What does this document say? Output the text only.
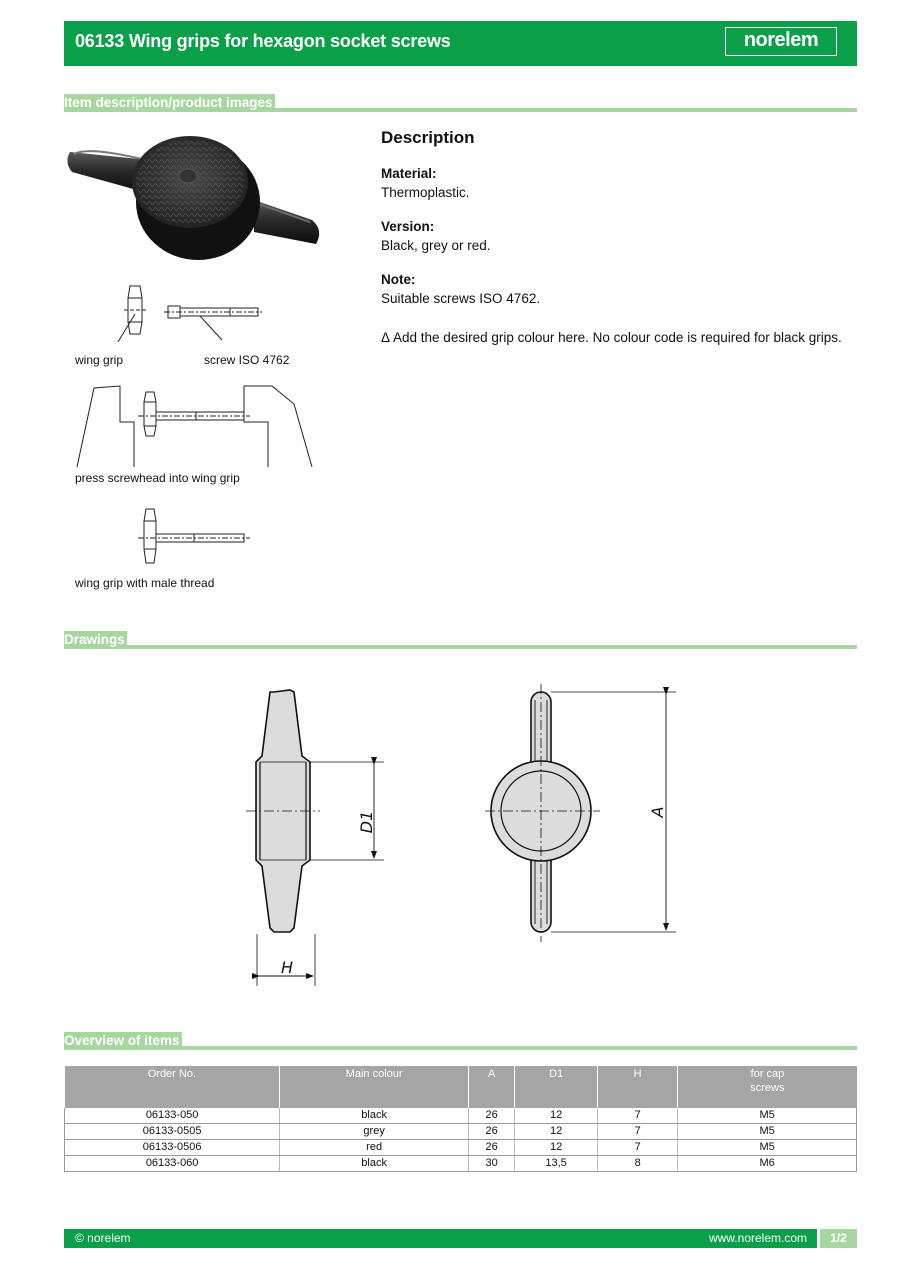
06133 Wing grips for hexagon socket screws	norelem
Item description/product images
wing grip	screw ISO 4762
press screwhead into wing grip
wing grip with male thread
Description
Material:
Thermoplastic.
Version:
Black, grey or red.
Note:
Suitable screws ISO 4762.
Δ Add the desired grip colour here. No colour code is required for black grips.
Drawings
D1
H
A
Overview of items
Order No.	Main colour	A	D1	H	for cap screws
06133-050	black	26	12	7	M5
06133-0505	grey	26	12	7	M5
06133-0506	red	26	12	7	M5
06133-060	black	30	13,5	8	M6
© norelem	www.norelem.com	1/2
